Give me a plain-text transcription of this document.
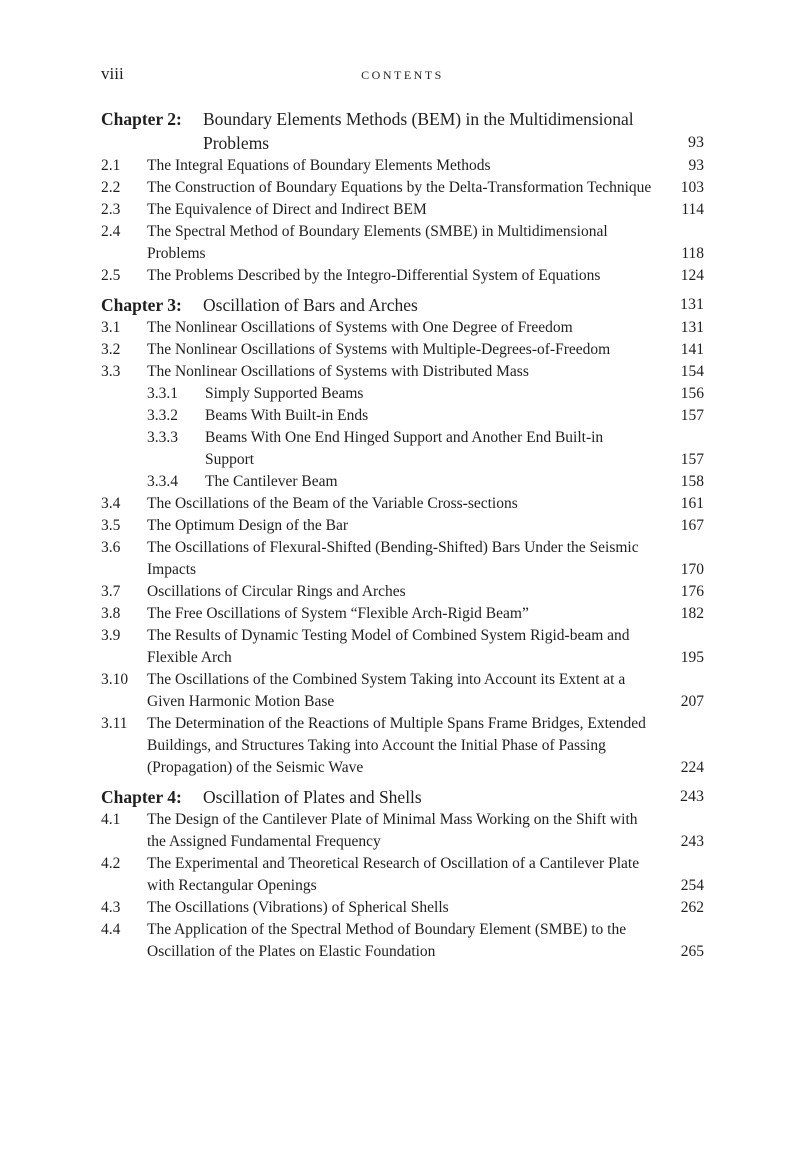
viii	CONTENTS
Chapter 2: Boundary Elements Methods (BEM) in the Multidimensional Problems	93
2.1 The Integral Equations of Boundary Elements Methods	93
2.2 The Construction of Boundary Equations by the Delta-Transformation Technique 103
2.3 The Equivalence of Direct and Indirect BEM	114
2.4 The Spectral Method of Boundary Elements (SMBE) in Multidimensional Problems	118
2.5 The Problems Described by the Integro-Differential System of Equations	124
Chapter 3: Oscillation of Bars and Arches	131
3.1 The Nonlinear Oscillations of Systems with One Degree of Freedom	131
3.2 The Nonlinear Oscillations of Systems with Multiple-Degrees-of-Freedom	141
3.3 The Nonlinear Oscillations of Systems with Distributed Mass	154
3.3.1 Simply Supported Beams	156
3.3.2 Beams With Built-in Ends	157
3.3.3 Beams With One End Hinged Support and Another End Built-in Support	157
3.3.4 The Cantilever Beam	158
3.4 The Oscillations of the Beam of the Variable Cross-sections	161
3.5 The Optimum Design of the Bar	167
3.6 The Oscillations of Flexural-Shifted (Bending-Shifted) Bars Under the Seismic Impacts	170
3.7 Oscillations of Circular Rings and Arches	176
3.8 The Free Oscillations of System “Flexible Arch-Rigid Beam”	182
3.9 The Results of Dynamic Testing Model of Combined System Rigid-beam and Flexible Arch	195
3.10 The Oscillations of the Combined System Taking into Account its Extent at a Given Harmonic Motion Base	207
3.11 The Determination of the Reactions of Multiple Spans Frame Bridges, Extended Buildings, and Structures Taking into Account the Initial Phase of Passing (Propagation) of the Seismic Wave	224
Chapter 4: Oscillation of Plates and Shells	243
4.1 The Design of the Cantilever Plate of Minimal Mass Working on the Shift with the Assigned Fundamental Frequency	243
4.2 The Experimental and Theoretical Research of Oscillation of a Cantilever Plate with Rectangular Openings	254
4.3 The Oscillations (Vibrations) of Spherical Shells	262
4.4 The Application of the Spectral Method of Boundary Element (SMBE) to the Oscillation of the Plates on Elastic Foundation	265
